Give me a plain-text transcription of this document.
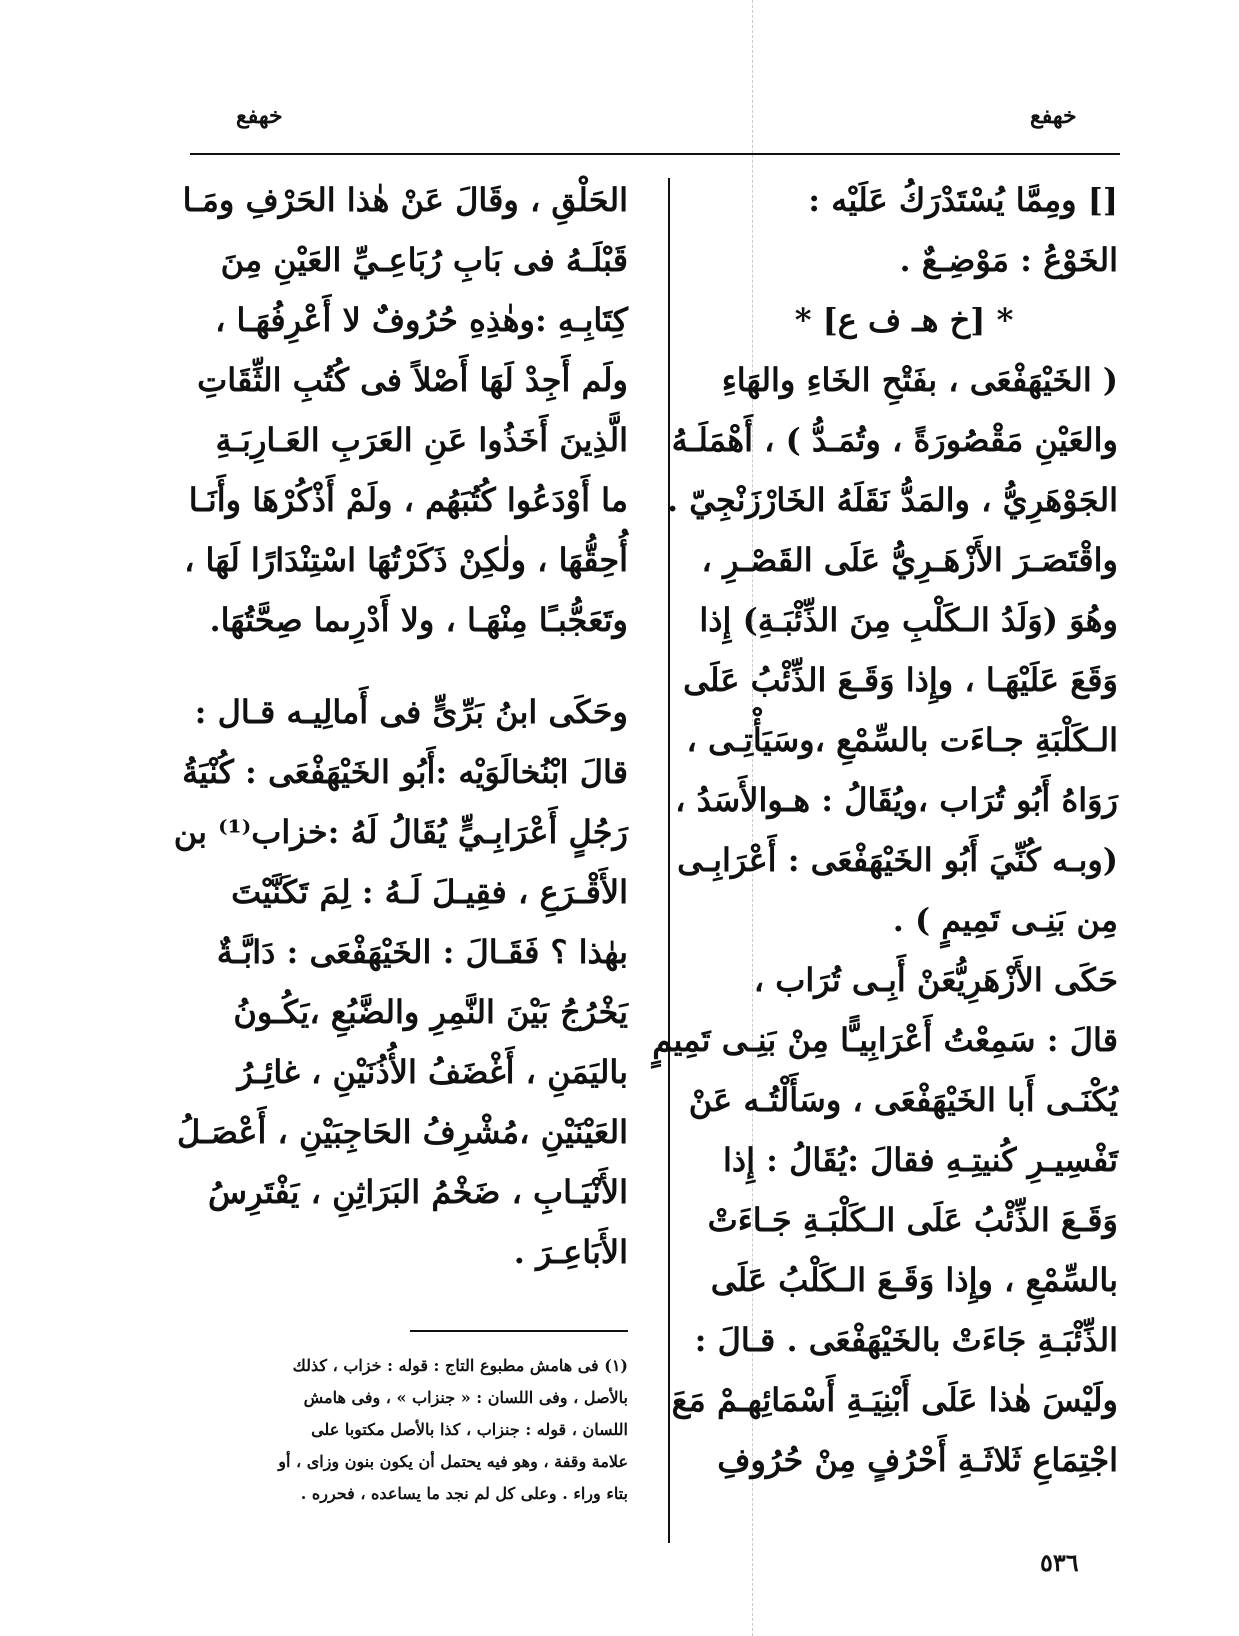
خهفع
خهفع
[] ومِمَّا يُسْتَدْرَكُ عَلَيْه :
الخَوْعُ : مَوْضِـعٌ .
* [خ هـ ف ع] *
( الخَيْهَفْعَى ، بفَتْحِ الخَاءِ والهَاءِ
والعَيْنِ مَقْصُورَةً ، وتُمَـدُّ ) ، أَهْمَلَـهُ
الجَوْهَرِيُّ ، والمَدُّ نَقَلَهُ الخَارْزَنْجِيّ .
واقْتَصَـرَ الأَزْهَـرِيُّ عَلَى القَصْـرِ ،
وهُوَ (وَلَدُ الـكَلْبِ مِنَ الذِّئْبَـةِ) إِذا
وَقَعَ عَلَيْهَـا ، وإِذا وَقَـعَ الذِّئْبُ عَلَى
الـكَلْبَةِ جـاءَت بالسِّمْعِ ،وسَيَأْتِـى ،
رَوَاهُ أَبُو تُرَاب ،ويُقَالُ : هـوالأَسَدُ ،
(وبـه كُنِّيَ أَبُو الخَيْهَفْعَى : أَعْرَابِـى
مِن بَنِـى تَمِيمٍ ) .
حَكَى الأَزْهَرِيُّعَنْ أَبِـى تُرَاب ،
قالَ : سَمِعْتُ أَعْرَابِيـًّا مِنْ بَنِـى تَمِيمٍ
يُكْنَـى أَبا الخَيْهَفْعَى ، وسَأَلْتُـه عَنْ
تَفْسِيـرِ كُنيتِـهِ فقالَ :يُقَالُ : إِذا
وَقَـعَ الذِّئْبُ عَلَى الـكَلْبَـةِ جَـاءَتْ
بالسِّمْعِ ، وإِذا وَقَـعَ الـكَلْبُ عَلَى
الذِّئْبَـةِ جَاءَتْ بالخَيْهَفْعَى . قـالَ :
ولَيْسَ هٰذا عَلَى أَبْنِيَـةِ أَسْمَائِهـمْ مَعَ
اجْتِمَاعِ ثَلاثَـةِ أَحْرُفٍ مِنْ حُرُوفِ
الحَلْقِ ، وقَالَ عَنْ هٰذا الحَرْفِ ومَـا
قَبْلَـهُ فى بَابِ رُبَاعِـيِّ العَيْنِ مِنَ
كِتَابِـهِ :وهٰذِهِ حُرُوفٌ لا أَعْرِفُهَـا ،
ولَم أَجِدْ لَهَا أَصْلاً فى كُتُبِ الثِّقَاتِ
الَّذِينَ أَخَذُوا عَنِ العَرَبِ العَـارِبَـةِ
ما أَوْدَعُوا كُتُبَهُم ، ولَمْ أَذْكُرْهَا وأَنَـا
أُحِقُّهَا ، ولٰكِنْ ذَكَرْتُهَا اسْتِنْدَارًا لَهَا ،
وتَعَجُّبـًا مِنْهَـا ، ولا أَدْرِىما صِحَّتُهَا.
وحَكَى ابنُ بَرِّىٍّ فى أَمالِيـه قـال :
قالَ ابْنُخالَوَيْه :أَبُو الخَيْهَفْعَى : كُنْيَةُ
رَجُلٍ أَعْرَابِـيٍّ يُقَالُ لَهُ :خزاب⁽¹⁾ بن
الأَقْـرَعِ ، فقِيـلَ لَـهُ : لِمَ تَكَنَّيْتَ
بهٰذا ؟ فَقَـالَ : الخَيْهَفْعَى : دَابَّـةٌ
يَخْرُجُ بَيْنَ النَّمِرِ والضَّبُعِ ،يَكُـونُ
باليَمَنِ ، أَغْضَفُ الأُذُنَيْنِ ، غائِـرُ
العَيْنَيْنِ ،مُشْرِفُ الحَاجِبَيْنِ ، أَعْصَـلُ
الأَنْيَـابِ ، ضَخْمُ البَرَاثِنِ ، يَفْتَرِسُ
الأَبَاعِـرَ .
(١) فى هامش مطبوع التاج : قوله : خزاب ، كذلك
بالأصل ، وفى اللسان : « جنزاب » ، وفى هامش
اللسان ، قوله : جنزاب ، كذا بالأصل مكتوبا على
علامة وقفة ، وهو فيه يحتمل أن يكون بنون وزاى ، أو
بتاء وراء . وعلى كل لم نجد ما يساعده ، فحرره .
٥٣٦
